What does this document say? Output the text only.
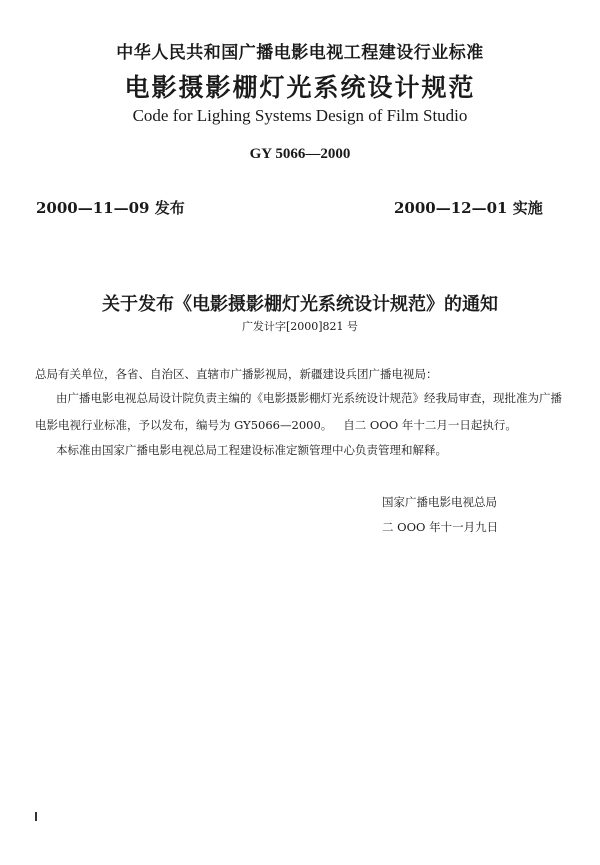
中华人民共和国广播电影电视工程建设行业标准
电影摄影棚灯光系统设计规范
Code for Lighing Systems Design of Film Studio
GY 5066—2000
2000—11—09 发布	2000—12—01 实施
关于发布《电影摄影棚灯光系统设计规范》的通知
广发计字[2000]821 号
总局有关单位，各省、自治区、直辖市广播影视局，新疆建设兵团广播电视局：
由广播电影电视总局设计院负责主编的《电影摄影棚灯光系统设计规范》经我局审查，现批准为广播
电影电视行业标准，予以发布，编号为 GY5066—2000。   自二 OOO 年十二月一日起执行。
本标准由国家广播电影电视总局工程建设标准定额管理中心负责管理和解释。
国家广播电影电视总局
二 OOO 年十一月九日
